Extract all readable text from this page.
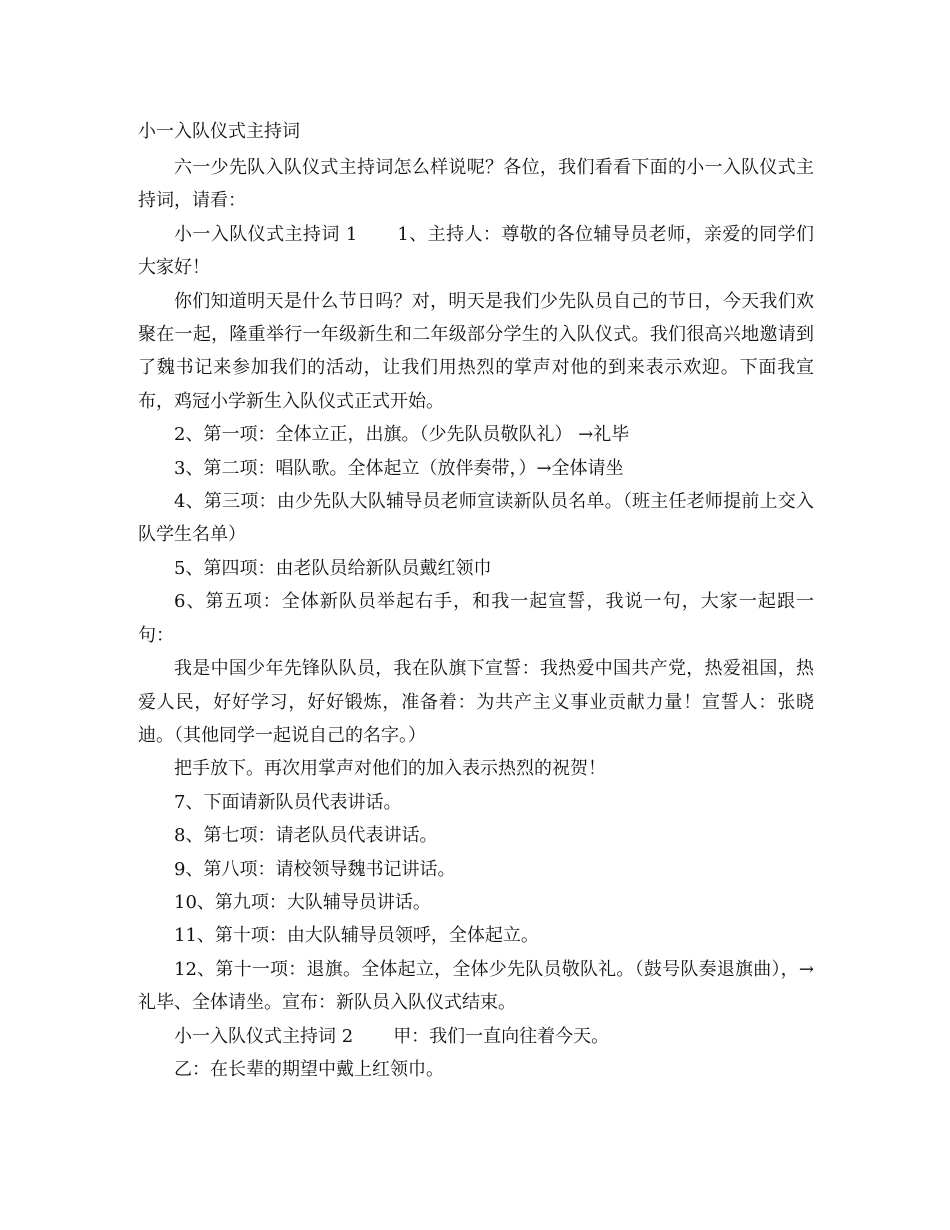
小一入队仪式主持词

六一少先队入队仪式主持词怎么样说呢？各位，我们看看下面的小一入队仪式主持词，请看：

小一入队仪式主持词 1 1、主持人：尊敬的各位辅导员老师，亲爱的同学们大家好！

你们知道明天是什么节日吗？对，明天是我们少先队员自己的节日，今天我们欢聚在一起，隆重举行一年级新生和二年级部分学生的入队仪式。我们很高兴地邀请到了魏书记来参加我们的活动，让我们用热烈的掌声对他的到来表示欢迎。下面我宣布，鸡冠小学新生入队仪式正式开始。

2、第一项：全体立正，出旗。（少先队员敬队礼） →礼毕

3、第二项：唱队歌。全体起立（放伴奏带，）→全体请坐

4、第三项：由少先队大队辅导员老师宣读新队员名单。（班主任老师提前上交入队学生名单）

5、第四项：由老队员给新队员戴红领巾

6、第五项：全体新队员举起右手，和我一起宣誓，我说一句，大家一起跟一句：

我是中国少年先锋队队员，我在队旗下宣誓：我热爱中国共产党，热爱祖国，热爱人民，好好学习，好好锻炼，准备着：为共产主义事业贡献力量！宣誓人：张晓迪。（其他同学一起说自己的名字。）

把手放下。再次用掌声对他们的加入表示热烈的祝贺！

7、下面请新队员代表讲话。

8、第七项：请老队员代表讲话。

9、第八项：请校领导魏书记讲话。

10、第九项：大队辅导员讲话。

11、第十项：由大队辅导员领呼，全体起立。

12、第十一项：退旗。全体起立，全体少先队员敬队礼。（鼓号队奏退旗曲），→礼毕、全体请坐。宣布：新队员入队仪式结束。

小一入队仪式主持词 2 甲：我们一直向往着今天。

乙：在长辈的期望中戴上红领巾。
